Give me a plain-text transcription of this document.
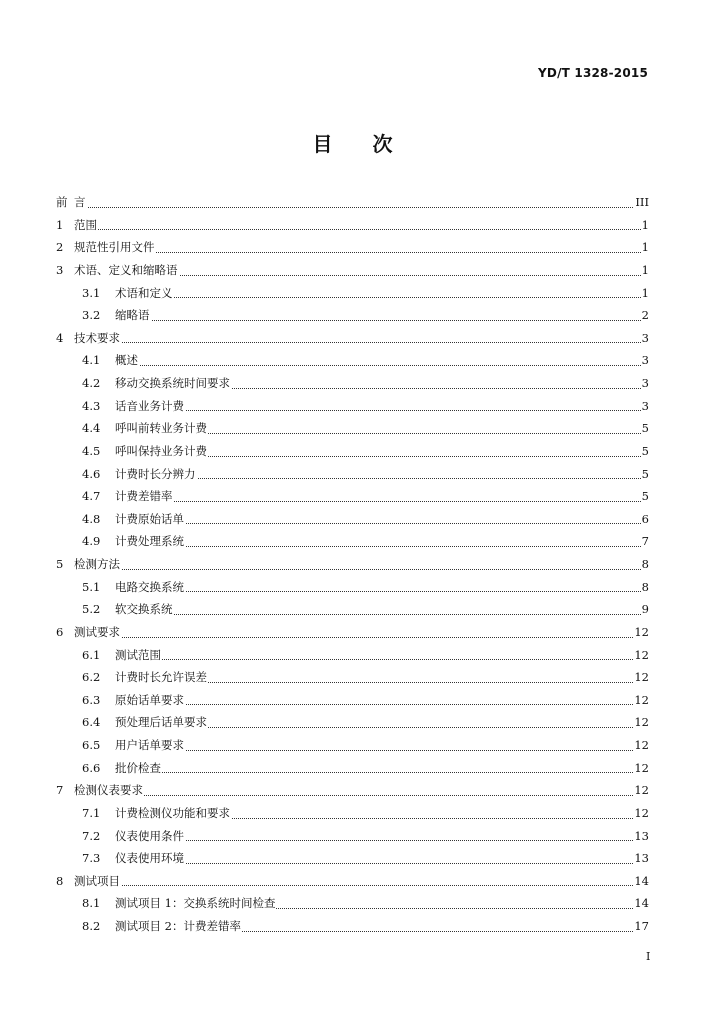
YD/T 1328-2015
目 次
前 言	III
1 范围	1
2 规范性引用文件	1
3 术语、定义和缩略语	1
3.1 术语和定义	1
3.2 缩略语	2
4 技术要求	3
4.1 概述	3
4.2 移动交换系统时间要求	3
4.3 话音业务计费	3
4.4 呼叫前转业务计费	5
4.5 呼叫保持业务计费	5
4.6 计费时长分辨力	5
4.7 计费差错率	5
4.8 计费原始话单	6
4.9 计费处理系统	7
5 检测方法	8
5.1 电路交换系统	8
5.2 软交换系统	9
6 测试要求	12
6.1 测试范围	12
6.2 计费时长允许误差	12
6.3 原始话单要求	12
6.4 预处理后话单要求	12
6.5 用户话单要求	12
6.6 批价检查	12
7 检测仪表要求	12
7.1 计费检测仪功能和要求	12
7.2 仪表使用条件	13
7.3 仪表使用环境	13
8 测试项目	14
8.1 测试项目 1：交换系统时间检查	14
8.2 测试项目 2：计费差错率	17
I
